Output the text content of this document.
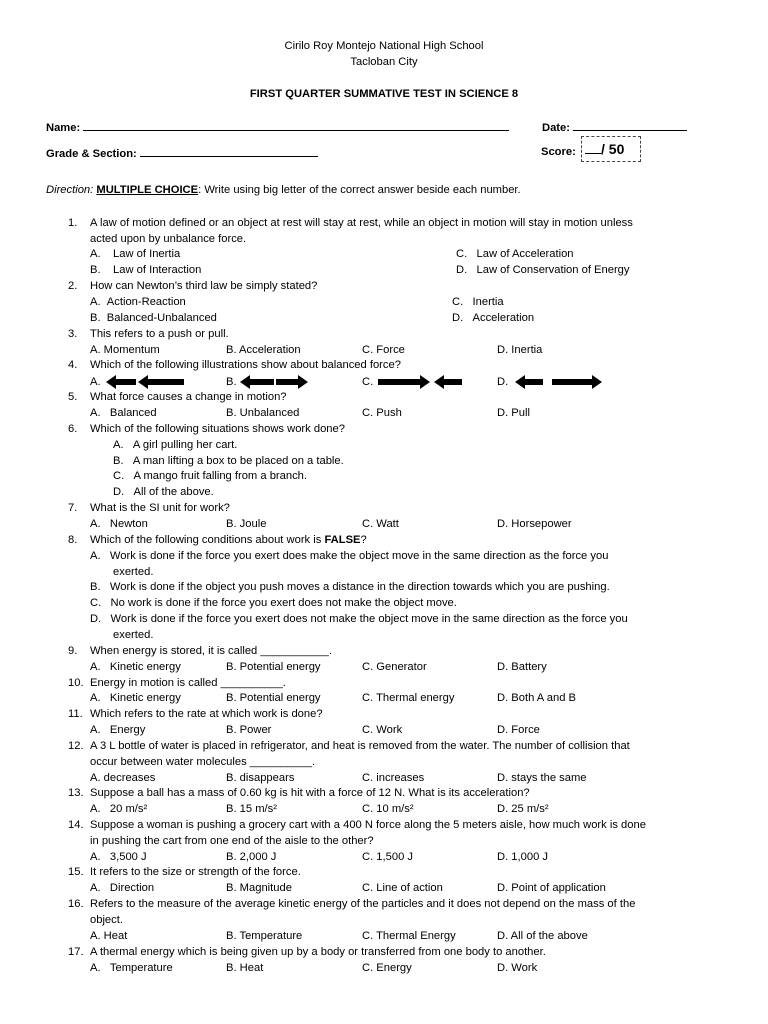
Cirilo Roy Montejo National High School
Tacloban City
FIRST QUARTER SUMMATIVE TEST IN SCIENCE 8
Name:	Date:
Grade & Section:	Score:	/ 50
Direction: MULTIPLE CHOICE: Write using big letter of the correct answer beside each number.
1. A law of motion defined or an object at rest will stay at rest, while an object in motion will stay in motion unless
acted upon by unbalance force.
A. Law of Inertia	C. Law of Acceleration
B. Law of Interaction	D. Law of Conservation of Energy
2. How can Newton’s third law be simply stated?
A. Action-Reaction	C. Inertia
B. Balanced-Unbalanced	D. Acceleration
3. This refers to a push or pull.
A. Momentum	B. Acceleration	C. Force	D. Inertia
4. Which of the following illustrations show about balanced force?
A.	B.	C.	D.
5. What force causes a change in motion?
A. Balanced	B. Unbalanced	C. Push	D. Pull
6. Which of the following situations shows work done?
A. A girl pulling her cart.
B. A man lifting a box to be placed on a table.
C. A mango fruit falling from a branch.
D. All of the above.
7. What is the SI unit for work?
A. Newton	B. Joule	C. Watt	D. Horsepower
8. Which of the following conditions about work is FALSE?
A. Work is done if the force you exert does make the object move in the same direction as the force you
exerted.
B. Work is done if the object you push moves a distance in the direction towards which you are pushing.
C. No work is done if the force you exert does not make the object move.
D. Work is done if the force you exert does not make the object move in the same direction as the force you
exerted.
9. When energy is stored, it is called ___________.
A. Kinetic energy	B. Potential energy	C. Generator	D. Battery
10. Energy in motion is called __________.
A. Kinetic energy	B. Potential energy	C. Thermal energy	D. Both A and B
11. Which refers to the rate at which work is done?
A. Energy	B. Power	C. Work	D. Force
12. A 3 L bottle of water is placed in refrigerator, and heat is removed from the water. The number of collision that
occur between water molecules __________.
A. decreases	B. disappears	C. increases	D. stays the same
13. Suppose a ball has a mass of 0.60 kg is hit with a force of 12 N. What is its acceleration?
A. 20 m/s²	B. 15 m/s²	C. 10 m/s²	D. 25 m/s²
14. Suppose a woman is pushing a grocery cart with a 400 N force along the 5 meters aisle, how much work is done
in pushing the cart from one end of the aisle to the other?
A. 3,500 J	B. 2,000 J	C. 1,500 J	D. 1,000 J
15. It refers to the size or strength of the force.
A. Direction	B. Magnitude	C. Line of action	D. Point of application
16. Refers to the measure of the average kinetic energy of the particles and it does not depend on the mass of the
object.
A. Heat	B. Temperature	C. Thermal Energy	D. All of the above
17. A thermal energy which is being given up by a body or transferred from one body to another.
A. Temperature	B. Heat	C. Energy	D. Work
